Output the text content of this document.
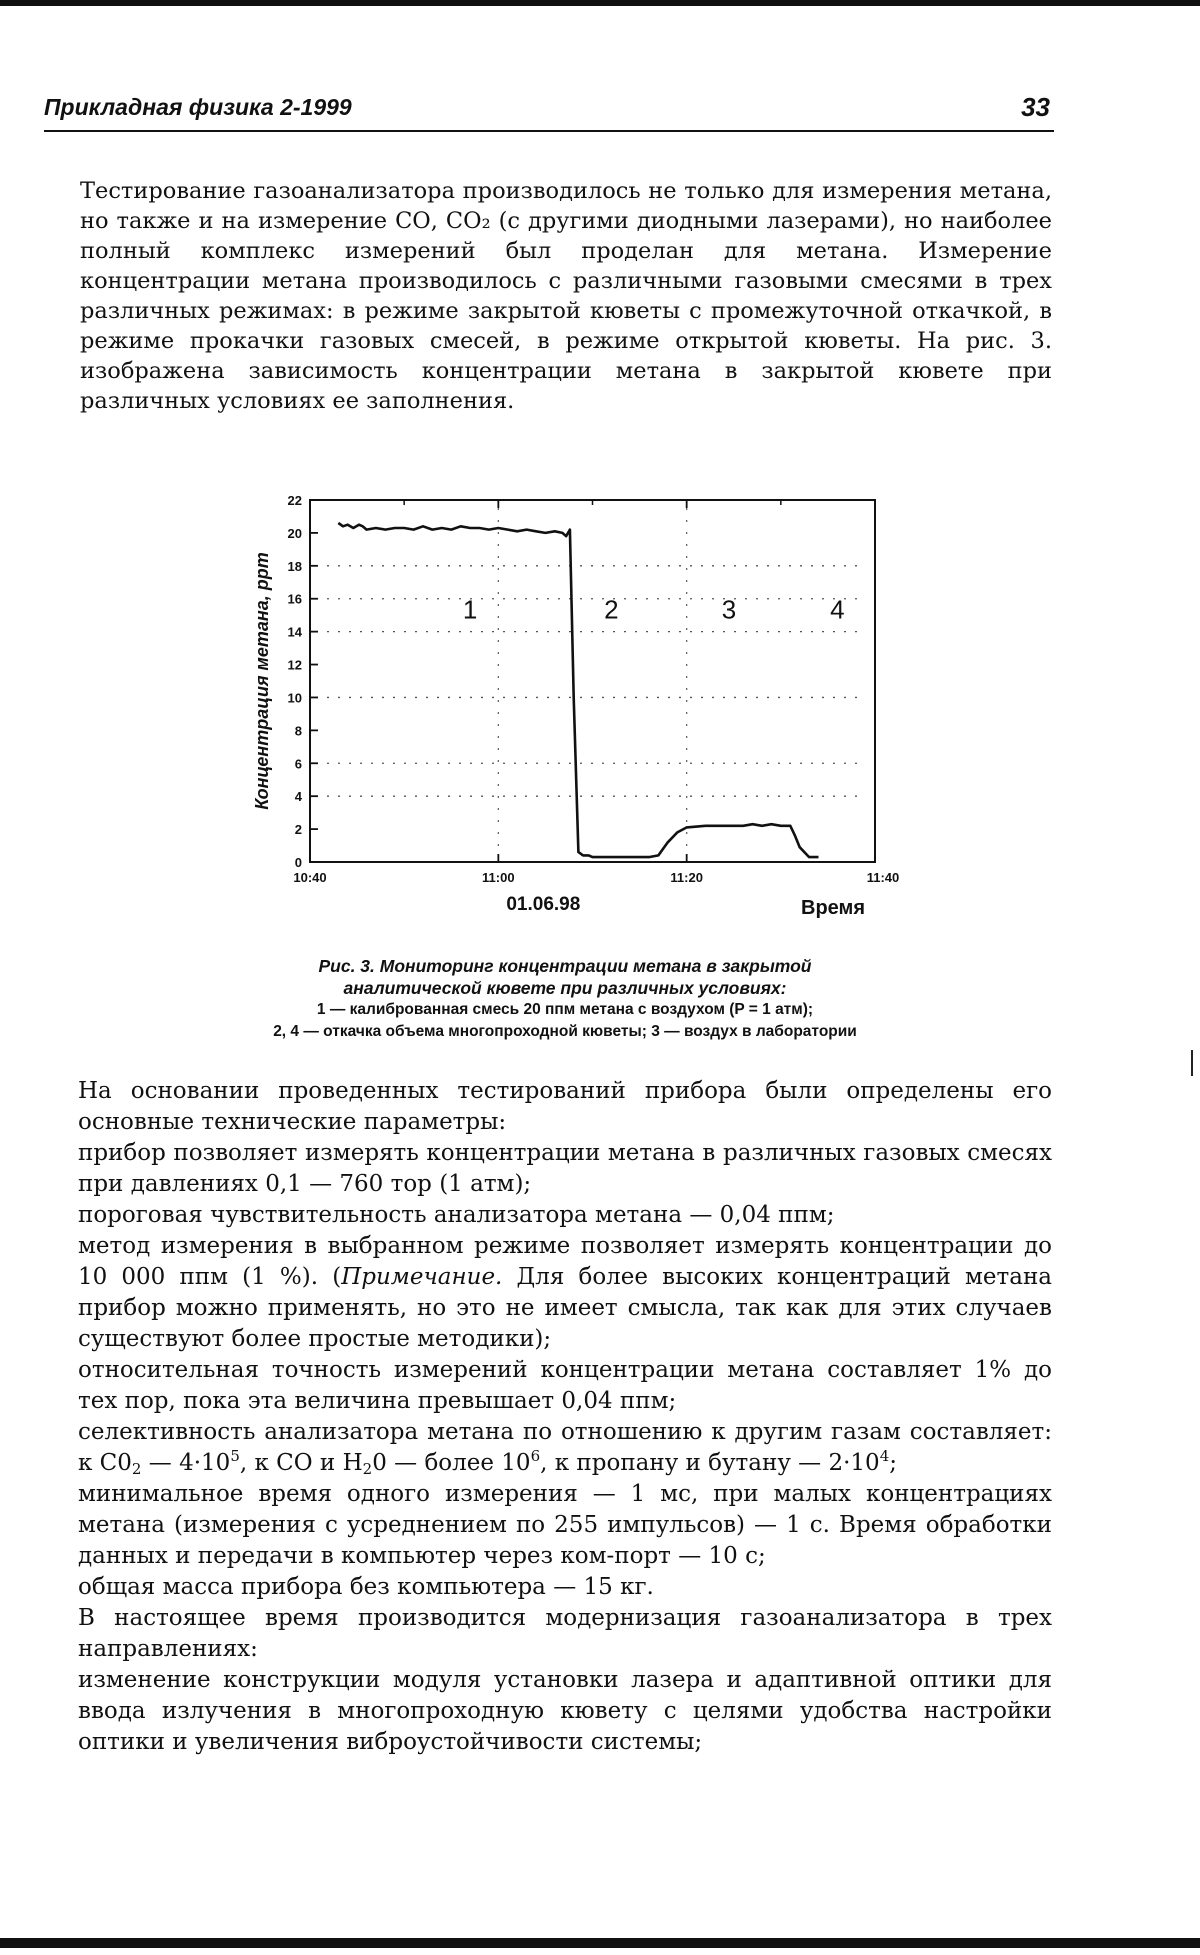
Прикладная физика 2-1999	33
Тестирование газоанализатора производилось не только для измерения метана, но также и на измерение СО, СО₂ (с другими диодными лазерами), но наиболее полный комплекс измерений был проделан для метана. Измерение концентрации метана производилось с различными газовыми смесями в трех различных режимах: в режиме закрытой кюветы с промежуточной откачкой, в режиме прокачки газовых смесей, в режиме открытой кюветы. На рис. 3. изображена зависимость концентрации метана в закрытой кювете при различных условиях ее заполнения.
0
2
4
6
8
10
12
14
16
18
20
22
10:40	11:00	11:20	11:40
1	2	3	4
Концентрация метана, ppm
01.06.98	Время
Рис. 3. Мониторинг концентрации метана в закрытой
аналитической кювете при различных условиях:
1 — калиброванная смесь 20 ппм метана с воздухом (P = 1 атм);
2, 4 — откачка объема многопроходной кюветы; 3 — воздух в лаборатории

На основании проведенных тестирований прибора были определены его основные технические параметры:

прибор позволяет измерять концентрации метана в различных газовых смесях при давлениях 0,1 — 760 тор (1 атм);

пороговая чувствительность анализатора метана — 0,04 ппм;

метод измерения в выбранном режиме позволяет измерять концентрации до 10 000 ппм (1 %). (Примечание. Для более высоких концентраций метана прибор можно применять, но это не имеет смысла, так как для этих случаев существуют более простые методики);

относительная точность измерений концентрации метана составляет 1% до тех пор, пока эта величина превышает 0,04 ппм;

селективность анализатора метана по отношению к другим газам составляет: к $С0_2$ — $4\cdot 10^5$, к СО и $Н_20$ — более $10^6$, к пропану и бутану — $2\cdot 10^4$;

минимальное время одного измерения — 1 мс, при малых концентрациях метана (измерения с усреднением по 255 импульсов) — 1 с. Время обработки данных и передачи в компьютер через ком-порт — 10 с;

общая масса прибора без компьютера — 15 кг.

В настоящее время производится модернизация газоанализатора в трех направлениях:

изменение конструкции модуля установки лазера и адаптивной оптики для ввода излучения в многопроходную кювету с целями удобства настройки оптики и увеличения виброустойчивости системы;
